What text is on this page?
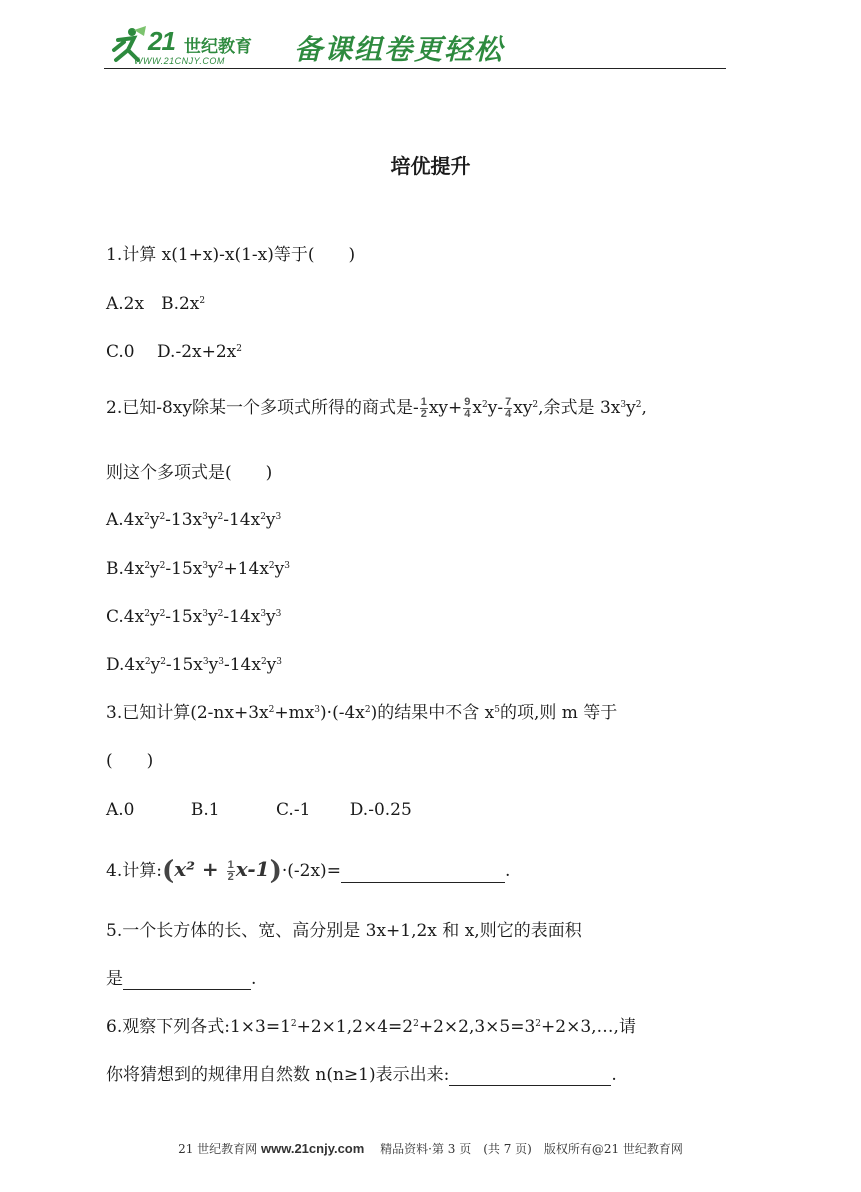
21 世纪教育
WWW.21CNJY.COM 备课组卷更轻松
培优提升
1.计算 x(1+x)-x(1-x)等于(　　)
A.2x　$B.2x^2$
C.0　 $D.-2x+2x^2$
2.已知-8xy除某一个多项式所得的商式是- $\frac{1}{2} xy+ \frac{9}{4} x^2y- \frac{7}{4} xy^2$,余式是 $3x^3y^2$,
则这个多项式是(　　)
$A.4x^2y^2-13x^3y^2-14x^2y^3$
$B.4x^2y^2-15x^3y^2+14x^2y^3$
$C.4x^2y^2-15x^3y^2-14x^3y^3$
$D.4x^2y^2-15x^3y^3-14x^2y^3$
3.已知计算$(2-nx+3x^2+mx^3)\cdot(-4x^2)$的结果中不含 $x^5$的项,则 m 等于
(　　)
A.0　　　 B.1　　　 C.-1　　 D.-0.25
4.计算:(x² + $\frac{1}{2} x-1)\cdot(-2x)=$	.
5.一个长方体的长、宽、高分别是 3x+1,2x 和 x,则它的表面积
是	.
6.观察下列各式$:1\times 3=1^2+2\times 1,2\times 4=2^2+2\times 2,3\times 5=3^2+2\times 3,\dots$,请
你将猜想到的规律用自然数 n(n≥1)表示出来:	.
21 世纪教育网 www.21cnjy.com 　精品资料·第 3 页　(共 7 页)　版权所有@21 世纪教育网
